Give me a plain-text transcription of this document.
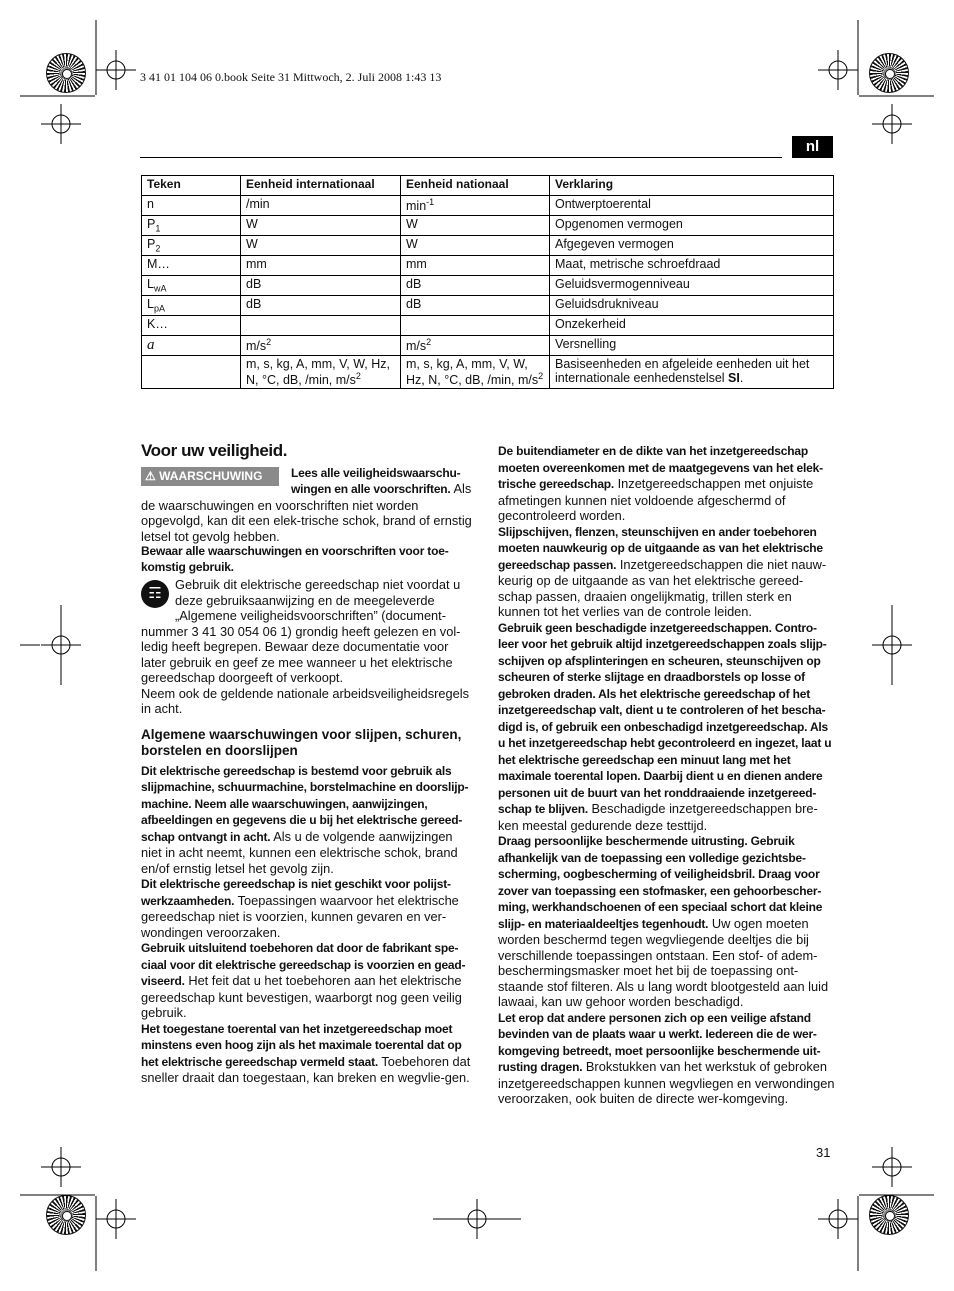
3 41 01 104 06 0.book Seite 31 Mittwoch, 2. Juli 2008 1:43 13
nl
Teken	Eenheid internationaal	Eenheid nationaal	Verklaring
n	/min	$\min^{-1}$	Ontwerptoerental
$P_1$	W	W	Opgenomen vermogen
$P_2$	W	W	Afgegeven vermogen
M…	mm	mm	Maat, metrische schroefdraad
$L_{wA}$	dB	dB	Geluidsvermogenniveau
$L_{pA}$	dB	dB	Geluidsdrukniveau
K…			Onzekerheid
a	$m/s^2$	$m/s^2$	Versnelling
	m, s, kg, A, mm, V, W, Hz, N, °C, dB, /min, $m/s^2$	m, s, kg, A, mm, V, W, Hz, N, °C, dB, /min, $m/s^2$	Basiseenheden en afgeleide eenheden uit het internationale eenhedenstelsel SI.
Voor uw veiligheid.
⚠ WAARSCHUWING	Lees alle veiligheidswaarschu-wingen en alle voorschriften. Als de waarschuwingen en voorschriften niet worden opgevolgd, kan dit een elek-trische schok, brand of ernstig letsel tot gevolg hebben.

Bewaar alle waarschuwingen en voorschriften voor toe-komstig gebruik.

☶
Gebruik dit elektrische gereedschap niet voordat u deze gebruiksaanwijzing en de meegeleverde „Algemene veiligheidsvoorschriften” (document-nummer 3 41 30 054 06 1) grondig heeft gelezen en vol-ledig heeft begrepen. Bewaar deze documentatie voor later gebruik en geef ze mee wanneer u het elektrische gereedschap doorgeeft of verkoopt.

Neem ook de geldende nationale arbeidsveiligheidsregels in acht.

Algemene waarschuwingen voor slijpen, schuren, borstelen en doorslijpen

Dit elektrische gereedschap is bestemd voor gebruik als slijpmachine, schuurmachine, borstelmachine en doorslijp-machine. Neem alle waarschuwingen, aanwijzingen, afbeeldingen en gegevens die u bij het elektrische gereed-schap ontvangt in acht. Als u de volgende aanwijzingen niet in acht neemt, kunnen een elektrische schok, brand en/of ernstig letsel het gevolg zijn.

Dit elektrische gereedschap is niet geschikt voor polijst-werkzaamheden. Toepassingen waarvoor het elektrische gereedschap niet is voorzien, kunnen gevaren en ver-wondingen veroorzaken.

Gebruik uitsluitend toebehoren dat door de fabrikant spe-ciaal voor dit elektrische gereedschap is voorzien en gead-viseerd. Het feit dat u het toebehoren aan het elektrische gereedschap kunt bevestigen, waarborgt nog geen veilig gebruik.

Het toegestane toerental van het inzetgereedschap moet minstens even hoog zijn als het maximale toerental dat op het elektrische gereedschap vermeld staat. Toebehoren dat sneller draait dan toegestaan, kan breken en wegvlie-gen.

De buitendiameter en de dikte van het inzetgereedschap moeten overeenkomen met de maatgegevens van het elek-trische gereedschap. Inzetgereedschappen met onjuiste afmetingen kunnen niet voldoende afgeschermd of gecontroleerd worden.

Slijpschijven, flenzen, steunschijven en ander toebehoren moeten nauwkeurig op de uitgaande as van het elektrische gereedschap passen. Inzetgereedschappen die niet nauw-keurig op de uitgaande as van het elektrische gereed-schap passen, draaien ongelijkmatig, trillen sterk en kunnen tot het verlies van de controle leiden.

Gebruik geen beschadigde inzetgereedschappen. Contro-leer voor het gebruik altijd inzetgereedschappen zoals slijp-schijven op afsplinteringen en scheuren, steunschijven op scheuren of sterke slijtage en draadborstels op losse of gebroken draden. Als het elektrische gereedschap of het inzetgereedschap valt, dient u te controleren of het bescha-digd is, of gebruik een onbeschadigd inzetgereedschap. Als u het inzetgereedschap hebt gecontroleerd en ingezet, laat u het elektrische gereedschap een minuut lang met het maximale toerental lopen. Daarbij dient u en dienen andere personen uit de buurt van het ronddraaiende inzetgereed-schap te blijven. Beschadigde inzetgereedschappen bre-ken meestal gedurende deze testtijd.

Draag persoonlijke beschermende uitrusting. Gebruik afhankelijk van de toepassing een volledige gezichtsbe-scherming, oogbescherming of veiligheidsbril. Draag voor zover van toepassing een stofmasker, een gehoorbescher-ming, werkhandschoenen of een speciaal schort dat kleine slijp- en materiaaldeeltjes tegenhoudt. Uw ogen moeten worden beschermd tegen wegvliegende deeltjes die bij verschillende toepassingen ontstaan. Een stof- of adem-beschermingsmasker moet het bij de toepassing ont-staande stof filteren. Als u lang wordt blootgesteld aan luid lawaai, kan uw gehoor worden beschadigd.

Let erop dat andere personen zich op een veilige afstand bevinden van de plaats waar u werkt. Iedereen die de wer-komgeving betreedt, moet persoonlijke beschermende uit-rusting dragen. Brokstukken van het werkstuk of gebroken inzetgereedschappen kunnen wegvliegen en verwondingen veroorzaken, ook buiten de directe wer-komgeving.

31
